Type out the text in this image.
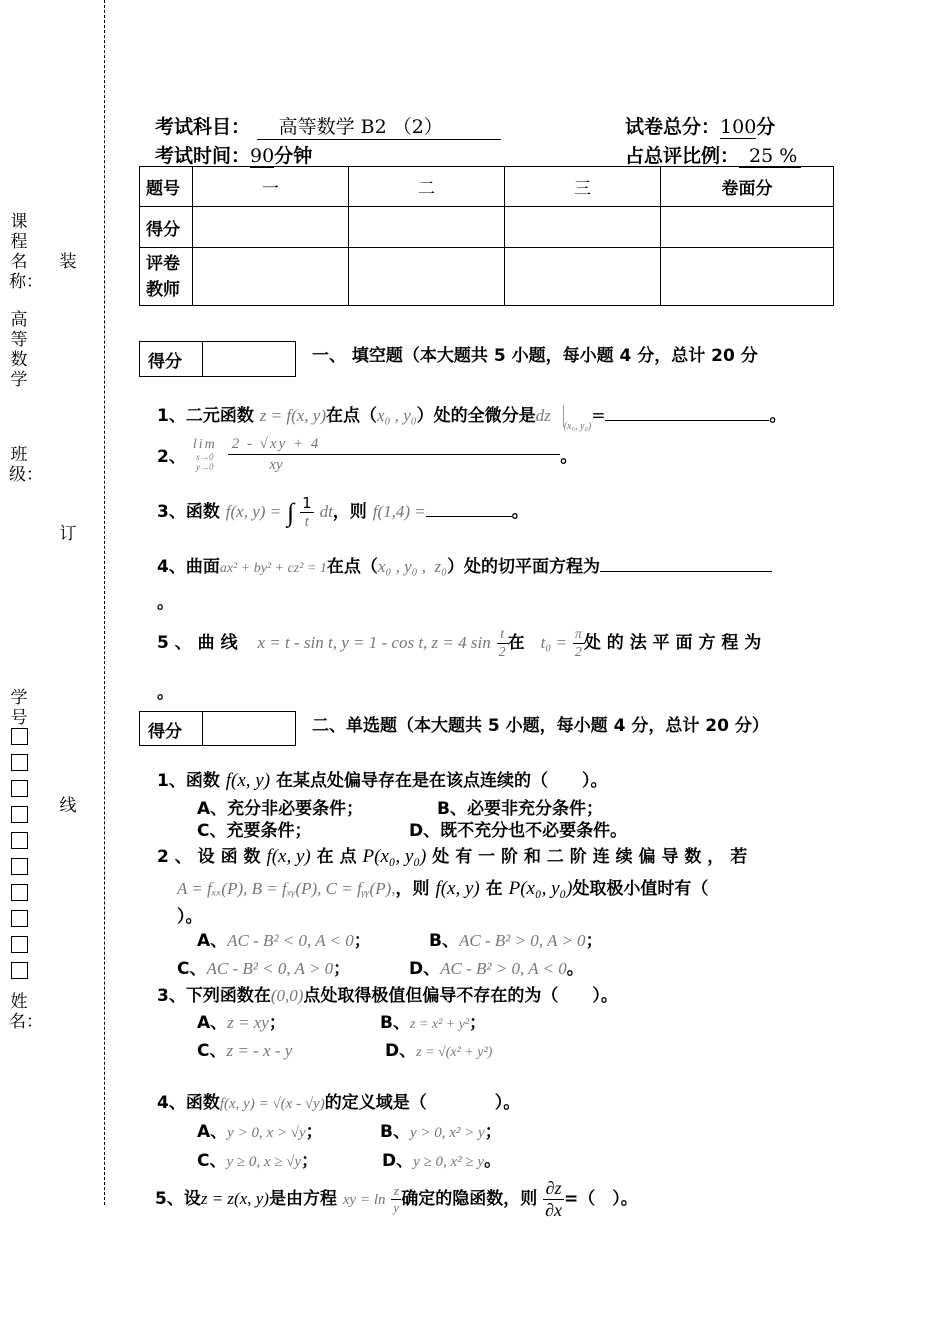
课程名称：
高等数学
班级：
学号
姓名：
装
订
线
考试科目： 高等数学 B2 （2）	试卷总分：100分
考试时间：90分钟	占总评比例： 25 %
题号	一	二	三	卷面分
得分				
评卷
教师				
得分	一、 填空题（本大题共 5 小题，每小题 4 分，总计 20 分
1、二元函数 z = f(x, y)在点（x₀ , y₀）处的全微分是dz $_{(x_0, y_0)}$=	。
2、
lim
x→0 y→0
$\frac{2 - √xy + 4}{xy}$	。
3、函数 f(x, y) = ∫ $\frac{1}{t}$ dt，则 f(1,4) =	。
4、曲面ax² + by² + cz² = 1在点（x₀ , y₀ ,  z₀）处的切平面方程为
。
5 、 曲 线 x = t - sin t, y = 1 - cos t, z = 4 $\sin \frac{t}{2}$ 在 $t_0 = \frac{\pi}{2}$ 处 的 法 平 面 方 程 为
。
得分	二、单选题（本大题共 5 小题，每小题 4 分，总计 20 分）
1、函数 f(x, y) 在某点处偏导存在是在该点连续的（　　）。
A、充分非必要条件；	B、必要非充分条件；
C、充要条件；	D、既不充分也不必要条件。
2 、 设 函 数 f(x, y) 在 点 P(x₀, y₀) 处 有 一 阶 和 二 阶 连 续 偏 导 数 ， 若
A = fₓₓ(P), B = fₓᵧ(P), C = fᵧᵧ(P),，则 f(x, y) 在 P(x₀, y₀)处取极小值时有（
）。
A、AC - B² < 0, A < 0；	B、AC - B² > 0, A > 0；
C、AC - B² < 0, A > 0；	D、AC - B² > 0, A < 0。
3、下列函数在(0,0)点处取得极值但偏导不存在的为（　　）。
A、z = xy；	B、z = x² + y²；
C、z = - x - y	D、z = √(x² + y²)
4、函数f(x, y) = √(x - √y)的定义域是（　　　　）。
A、y > 0, x > √y；	B、y > 0, x² > y；
C、y ≥ 0, x ≥ √y；	D、y ≥ 0, x² ≥ y。
5、设z = z(x, y)是由方程 xy = $\ln \frac{z}{y}$ 确定的隐函数，则 $\frac{\partial z}{\partial x}$ =（　）。
